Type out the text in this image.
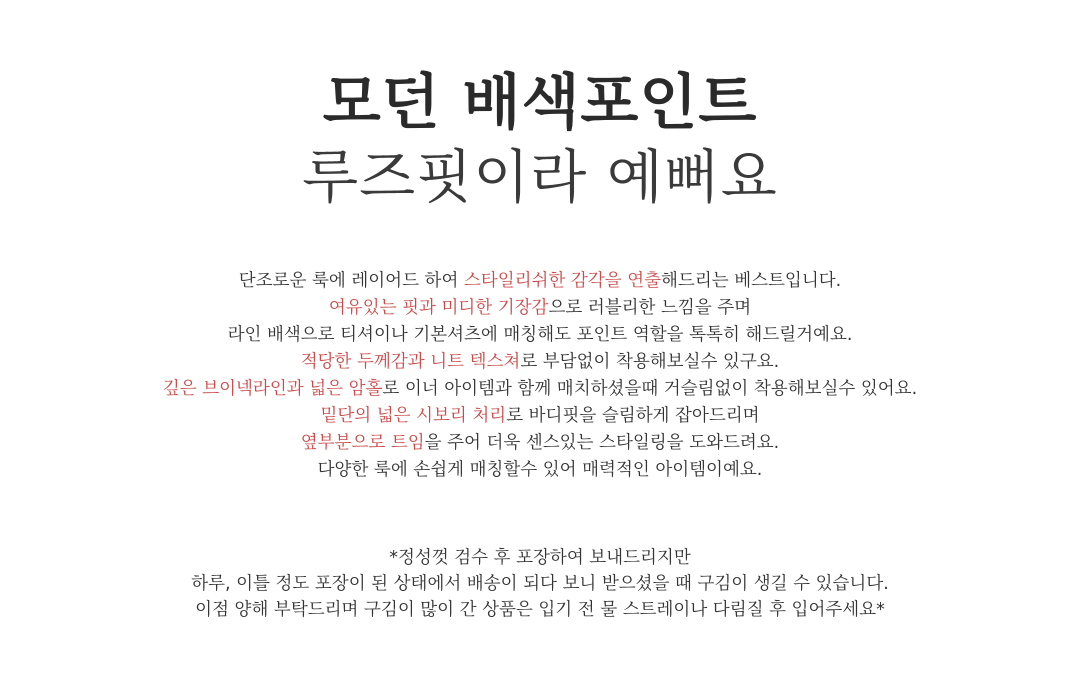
모던 배색포인트
루즈핏이라 예뻐요
단조로운 룩에 레이어드 하여 스타일리쉬한 감각을 연출해드리는 베스트입니다.
여유있는 핏과 미디한 기장감으로 러블리한 느낌을 주며
라인 배색으로 티셔이나 기본셔츠에 매칭해도 포인트 역할을 톡톡히 해드릴거예요.
적당한 두께감과 니트 텍스쳐로 부담없이 착용해보실수 있구요.
깊은 브이넥라인과 넓은 암홀로 이너 아이템과 함께 매치하셨을때 거슬림없이 착용해보실수 있어요.
밑단의 넓은 시보리 처리로 바디핏을 슬림하게 잡아드리며
옆부분으로 트임을 주어 더욱 센스있는 스타일링을 도와드려요.
다양한 룩에 손쉽게 매칭할수 있어 매력적인 아이템이예요.
*정성껏 검수 후 포장하여 보내드리지만
하루, 이틀 정도 포장이 된 상태에서 배송이 되다 보니 받으셨을 때 구김이 생길 수 있습니다.
이점 양해 부탁드리며 구김이 많이 간 상품은 입기 전 물 스트레이나 다림질 후 입어주세요*
